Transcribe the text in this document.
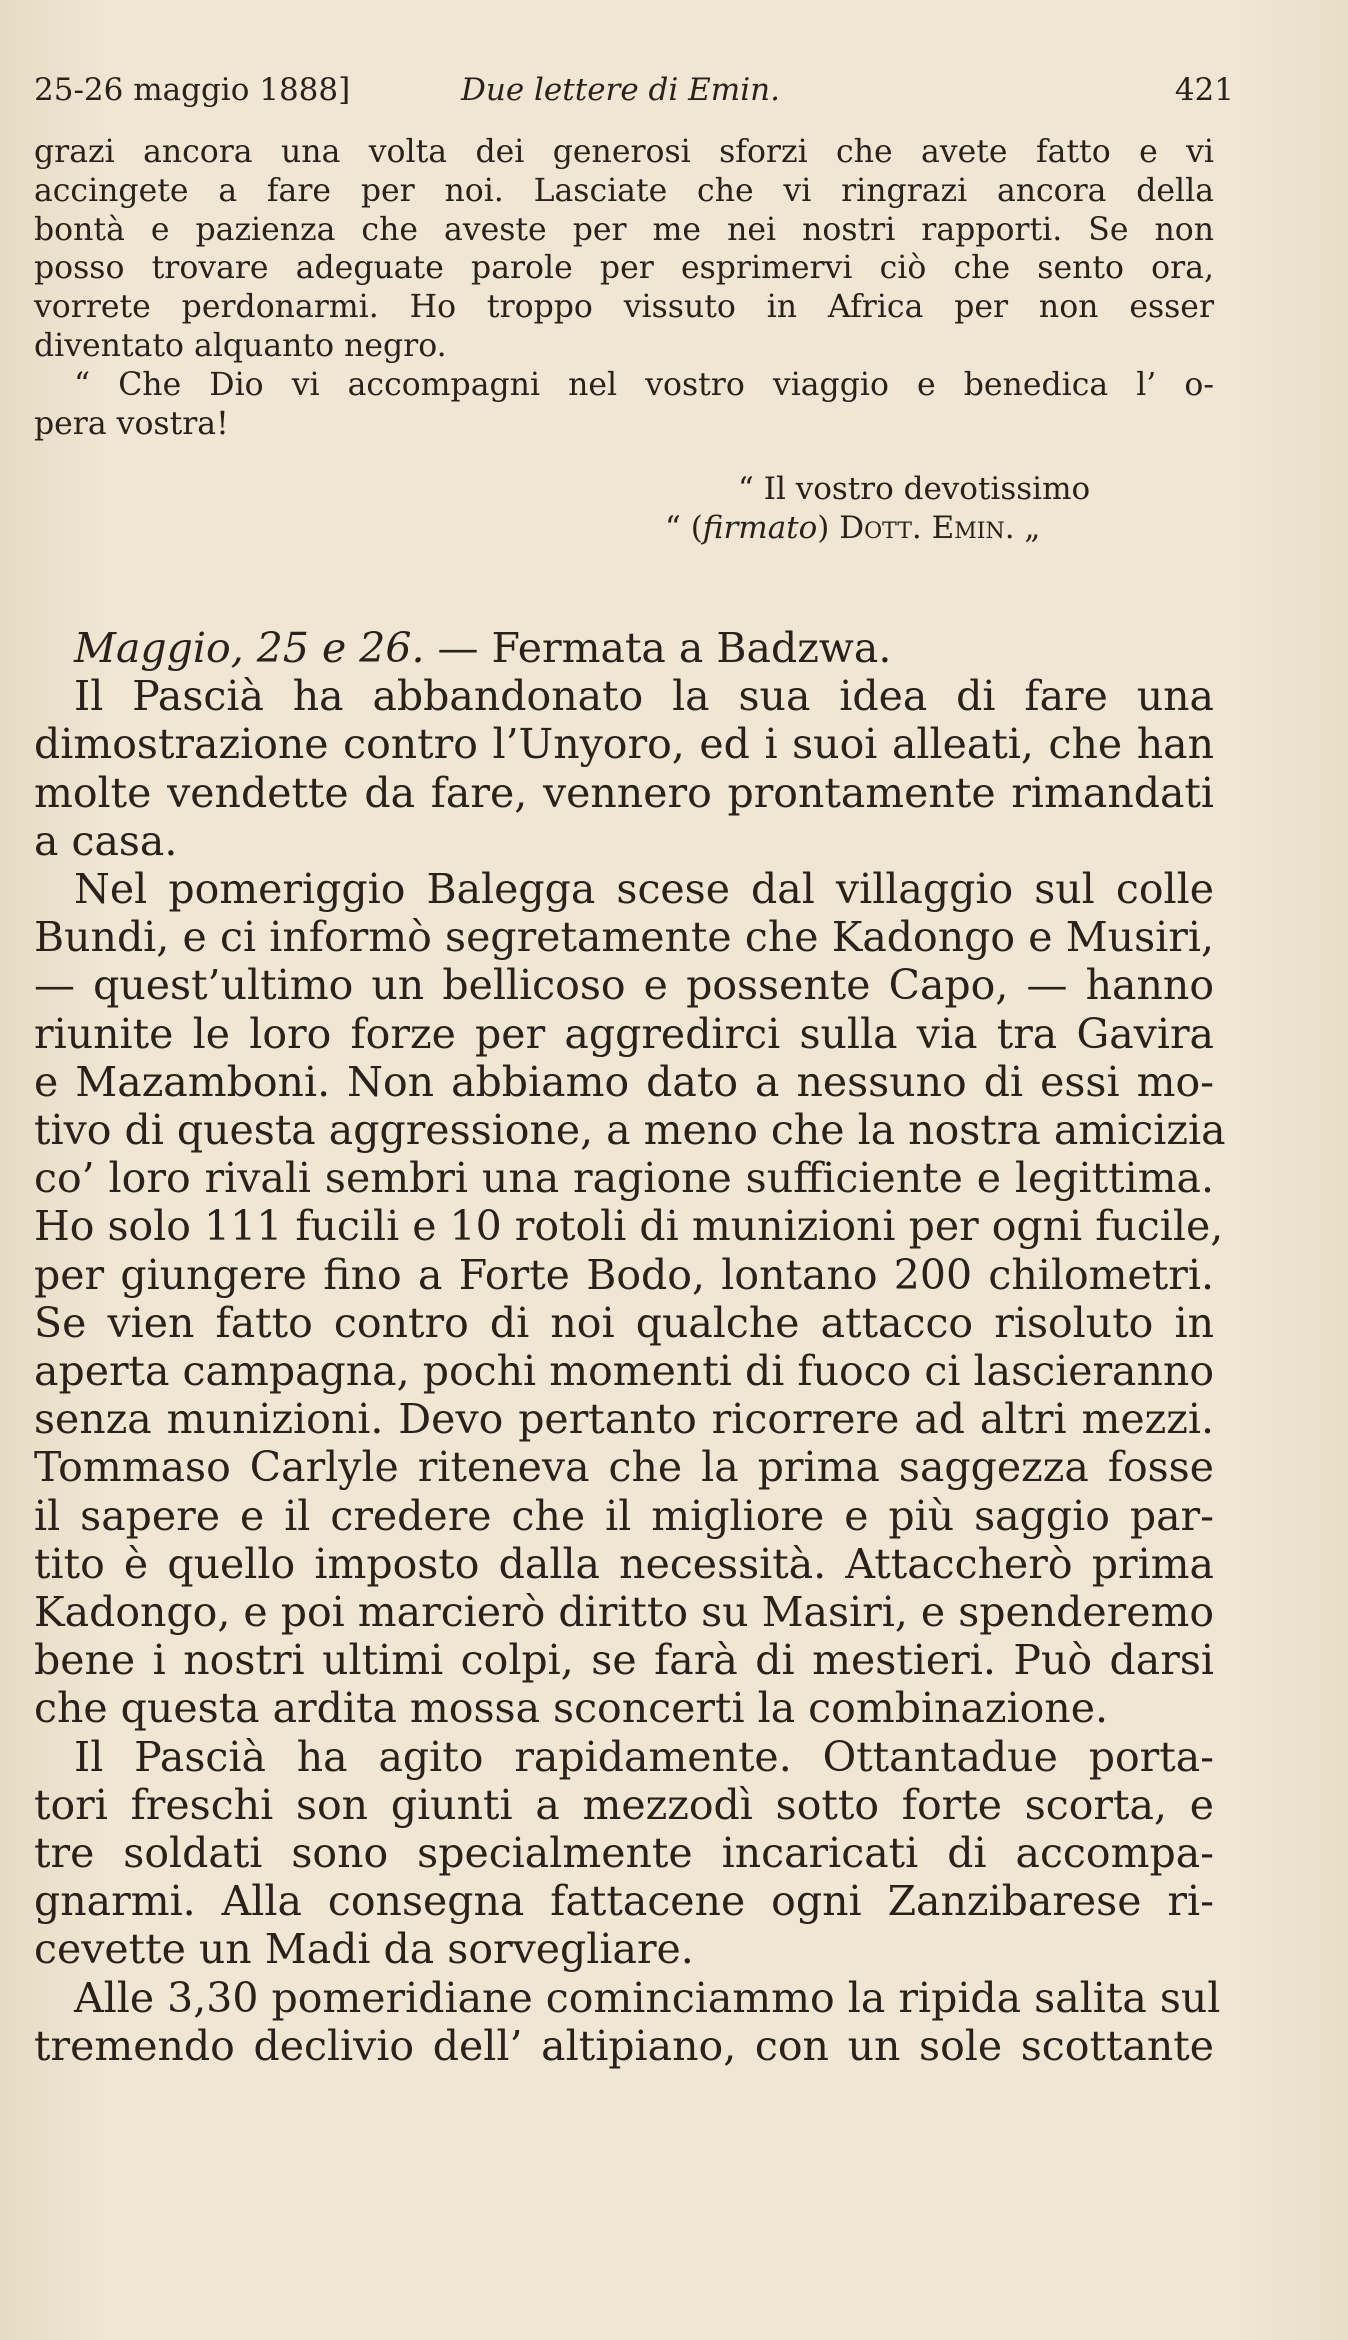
25-26 maggio 1888]	Due lettere di Emin.	421
grazi ancora una volta dei generosi sforzi che avete fatto e vi
accingete a fare per noi. Lasciate che vi ringrazi ancora della
bontà e pazienza che aveste per me nei nostri rapporti. Se non
posso trovare adeguate parole per esprimervi ciò che sento ora,
vorrete perdonarmi. Ho troppo vissuto in Africa per non esser
diventato alquanto negro.
“ Che Dio vi accompagni nel vostro viaggio e benedica l’ o-
pera vostra!
“ Il vostro devotissimo
“ (firmato) Dott. Emin. „
Maggio, 25 e 26. — Fermata a Badzwa.
Il Pascià ha abbandonato la sua idea di fare una
dimostrazione contro l’Unyoro, ed i suoi alleati, che han
molte vendette da fare, vennero prontamente rimandati
a casa.
Nel pomeriggio Balegga scese dal villaggio sul colle
Bundi, e ci informò segretamente che Kadongo e Musiri,
— quest’ultimo un bellicoso e possente Capo, — hanno
riunite le loro forze per aggredirci sulla via tra Gavira
e Mazamboni. Non abbiamo dato a nessuno di essi mo-
tivo di questa aggressione, a meno che la nostra amicizia
co’ loro rivali sembri una ragione sufficiente e legittima.
Ho solo 111 fucili e 10 rotoli di munizioni per ogni fucile,
per giungere fino a Forte Bodo, lontano 200 chilometri.
Se vien fatto contro di noi qualche attacco risoluto in
aperta campagna, pochi momenti di fuoco ci lascieranno
senza munizioni. Devo pertanto ricorrere ad altri mezzi.
Tommaso Carlyle riteneva che la prima saggezza fosse
il sapere e il credere che il migliore e più saggio par-
tito è quello imposto dalla necessità. Attaccherò prima
Kadongo, e poi marcierò diritto su Masiri, e spenderemo
bene i nostri ultimi colpi, se farà di mestieri. Può darsi
che questa ardita mossa sconcerti la combinazione.
Il Pascià ha agito rapidamente. Ottantadue porta-
tori freschi son giunti a mezzodì sotto forte scorta, e
tre soldati sono specialmente incaricati di accompa-
gnarmi. Alla consegna fattacene ogni Zanzibarese ri-
cevette un Madi da sorvegliare.
Alle 3,30 pomeridiane cominciammo la ripida salita sul
tremendo declivio dell’ altipiano, con un sole scottante
